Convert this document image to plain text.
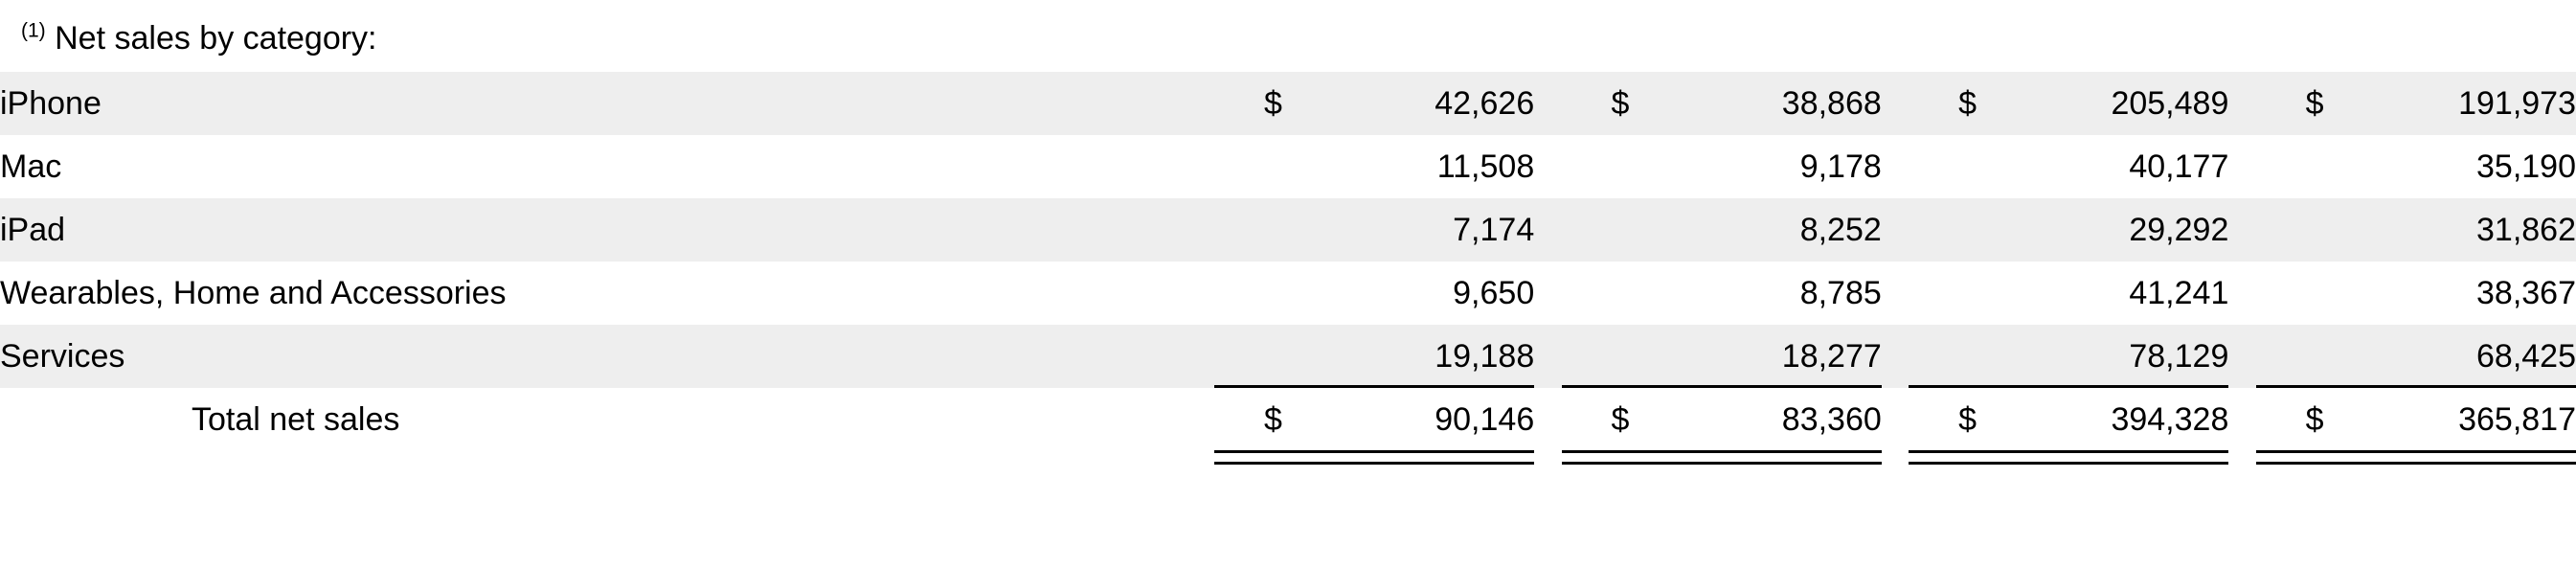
$^{(1)}$ Net sales by category:
iPhone	$	42,626		$	38,868		$	205,489		$	191,973
Mac		11,508			9,178			40,177			35,190
iPad		7,174			8,252			29,292			31,862
Wearables, Home and Accessories		9,650			8,785			41,241			38,367
Services		19,188			18,277			78,129			68,425
Total net sales	$	90,146		$	83,360		$	394,328		$	365,817
